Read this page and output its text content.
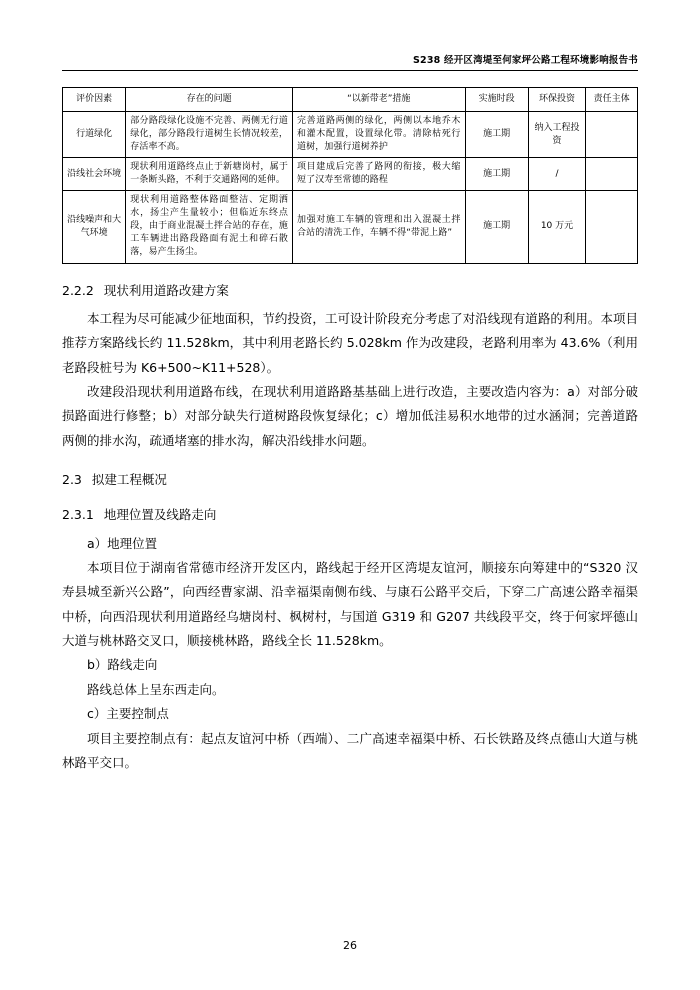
S238 经开区湾堤至何家坪公路工程环境影响报告书
评价因素	存在的问题	“以新带老”措施	实施时段	环保投资	责任主体
行道绿化	部分路段绿化设施不完善、两侧无行道绿化，部分路段行道树生长情况较差，存活率不高。	完善道路两侧的绿化，两侧以本地乔木和灌木配置，设置绿化带。清除枯死行道树，加强行道树养护	施工期	纳入工程投资	
沿线社会环境	现状利用道路终点止于新塘岗村，属于一条断头路，不利于交通路网的延伸。	项目建成后完善了路网的衔接，极大缩短了汉寿至常德的路程	施工期	/	
沿线噪声和大气环境	现状利用道路整体路面整洁、定期洒水，扬尘产生量较小；但临近东终点段，由于商业混凝土拌合站的存在，施工车辆进出路段路面有泥土和碎石散落，易产生扬尘。	加强对施工车辆的管理和出入混凝土拌合站的清洗工作，车辆不得“带泥上路”	施工期	10 万元	
2.2.2 现状利用道路改建方案

本工程为尽可能减少征地面积，节约投资，工可设计阶段充分考虑了对沿线现有道路的利用。本项目推荐方案路线长约 11.528km，其中利用老路长约 5.028km 作为改建段，老路利用率为 43.6%（利用老路段桩号为 K6+500~K11+528）。

改建段沿现状利用道路布线，在现状利用道路路基基础上进行改造，主要改造内容为：a）对部分破损路面进行修整；b）对部分缺失行道树路段恢复绿化；c）增加低洼易积水地带的过水涵洞；完善道路两侧的排水沟，疏通堵塞的排水沟，解决沿线排水问题。

2.3 拟建工程概况
2.3.1 地理位置及线路走向

a）地理位置

本项目位于湖南省常德市经济开发区内，路线起于经开区湾堤友谊河，顺接东向筹建中的“S320 汉寿县城至新兴公路”，向西经曹家湖、沿幸福渠南侧布线、与康石公路平交后，下穿二广高速公路幸福渠中桥，向西沿现状利用道路经乌塘岗村、枫树村，与国道 G319 和 G207 共线段平交，终于何家坪德山大道与桃林路交叉口，顺接桃林路，路线全长 11.528km。

b）路线走向

路线总体上呈东西走向。

c）主要控制点

项目主要控制点有：起点友谊河中桥（西端）、二广高速幸福渠中桥、石长铁路及终点德山大道与桃林路平交口。

26
